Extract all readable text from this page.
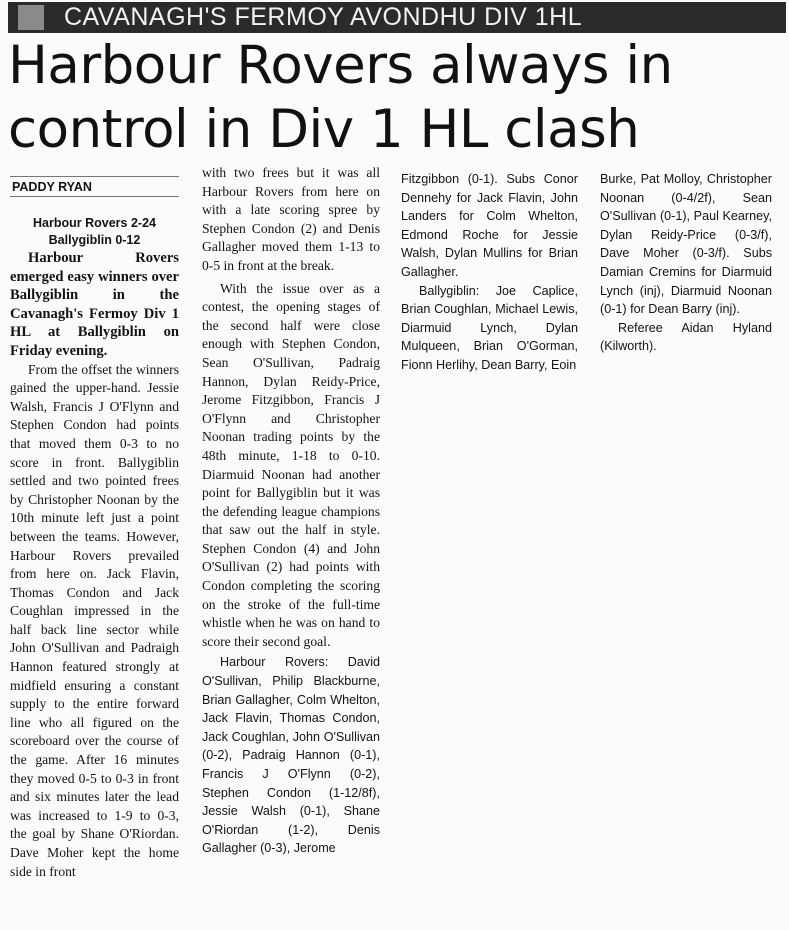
CAVANAGH'S FERMOY AVONDHU DIV 1HL
Harbour Rovers always in control in Div 1 HL clash
PADDY RYAN
Harbour Rovers 2-24
Ballygiblin 0-12

Harbour Rovers emerged easy winners over Ballygiblin in the Cavanagh's Fermoy Div 1 HL at Ballygiblin on Friday evening.

From the offset the winners gained the upper-hand. Jessie Walsh, Francis J O'Flynn and Stephen Condon had points that moved them 0-3 to no score in front. Ballygiblin settled and two pointed frees by Christopher Noonan by the 10th minute left just a point between the teams. However, Harbour Rovers prevailed from here on. Jack Flavin, Thomas Condon and Jack Coughlan impressed in the half back line sector while John O'Sullivan and Padraigh Hannon featured strongly at midfield ensuring a constant supply to the entire forward line who all figured on the scoreboard over the course of the game. After 16 minutes they moved 0-5 to 0-3 in front and six minutes later the lead was increased to 1-9 to 0-3, the goal by Shane O'Riordan. Dave Moher kept the home side in front

with two frees but it was all Harbour Rovers from here on with a late scoring spree by Stephen Condon (2) and Denis Gallagher moved them 1-13 to 0-5 in front at the break.

With the issue over as a contest, the opening stages of the second half were close enough with Stephen Condon, Sean O'Sullivan, Padraig Hannon, Dylan Reidy-Price, Jerome Fitzgibbon, Francis J O'Flynn and Christopher Noonan trading points by the 48th minute, 1-18 to 0-10. Diarmuid Noonan had another point for Ballygiblin but it was the defending league champions that saw out the half in style. Stephen Condon (4) and John O'Sullivan (2) had points with Condon completing the scoring on the stroke of the full-time whistle when he was on hand to score their second goal.

Harbour Rovers: David O'Sullivan, Philip Blackburne, Brian Gallagher, Colm Whelton, Jack Flavin, Thomas Condon, Jack Coughlan, John O'Sullivan (0-2), Padraig Hannon (0-1), Francis J O'Flynn (0-2), Stephen Condon (1-12/8f), Jessie Walsh (0-1), Shane O'Riordan (1-2), Denis Gallagher (0-3), Jerome

Fitzgibbon (0-1). Subs Conor Dennehy for Jack Flavin, John Landers for Colm Whelton, Edmond Roche for Jessie Walsh, Dylan Mullins for Brian Gallagher.

Ballygiblin: Joe Caplice, Brian Coughlan, Michael Lewis, Diarmuid Lynch, Dylan Mulqueen, Brian O'Gorman, Fionn Herlihy, Dean Barry, Eoin

Burke, Pat Molloy, Christopher Noonan (0-4/2f), Sean O'Sullivan (0-1), Paul Kearney, Dylan Reidy-Price (0-3/f), Dave Moher (0-3/f). Subs Damian Cremins for Diarmuid Lynch (inj), Diarmuid Noonan (0-1) for Dean Barry (inj).

Referee Aidan Hyland (Kilworth).
